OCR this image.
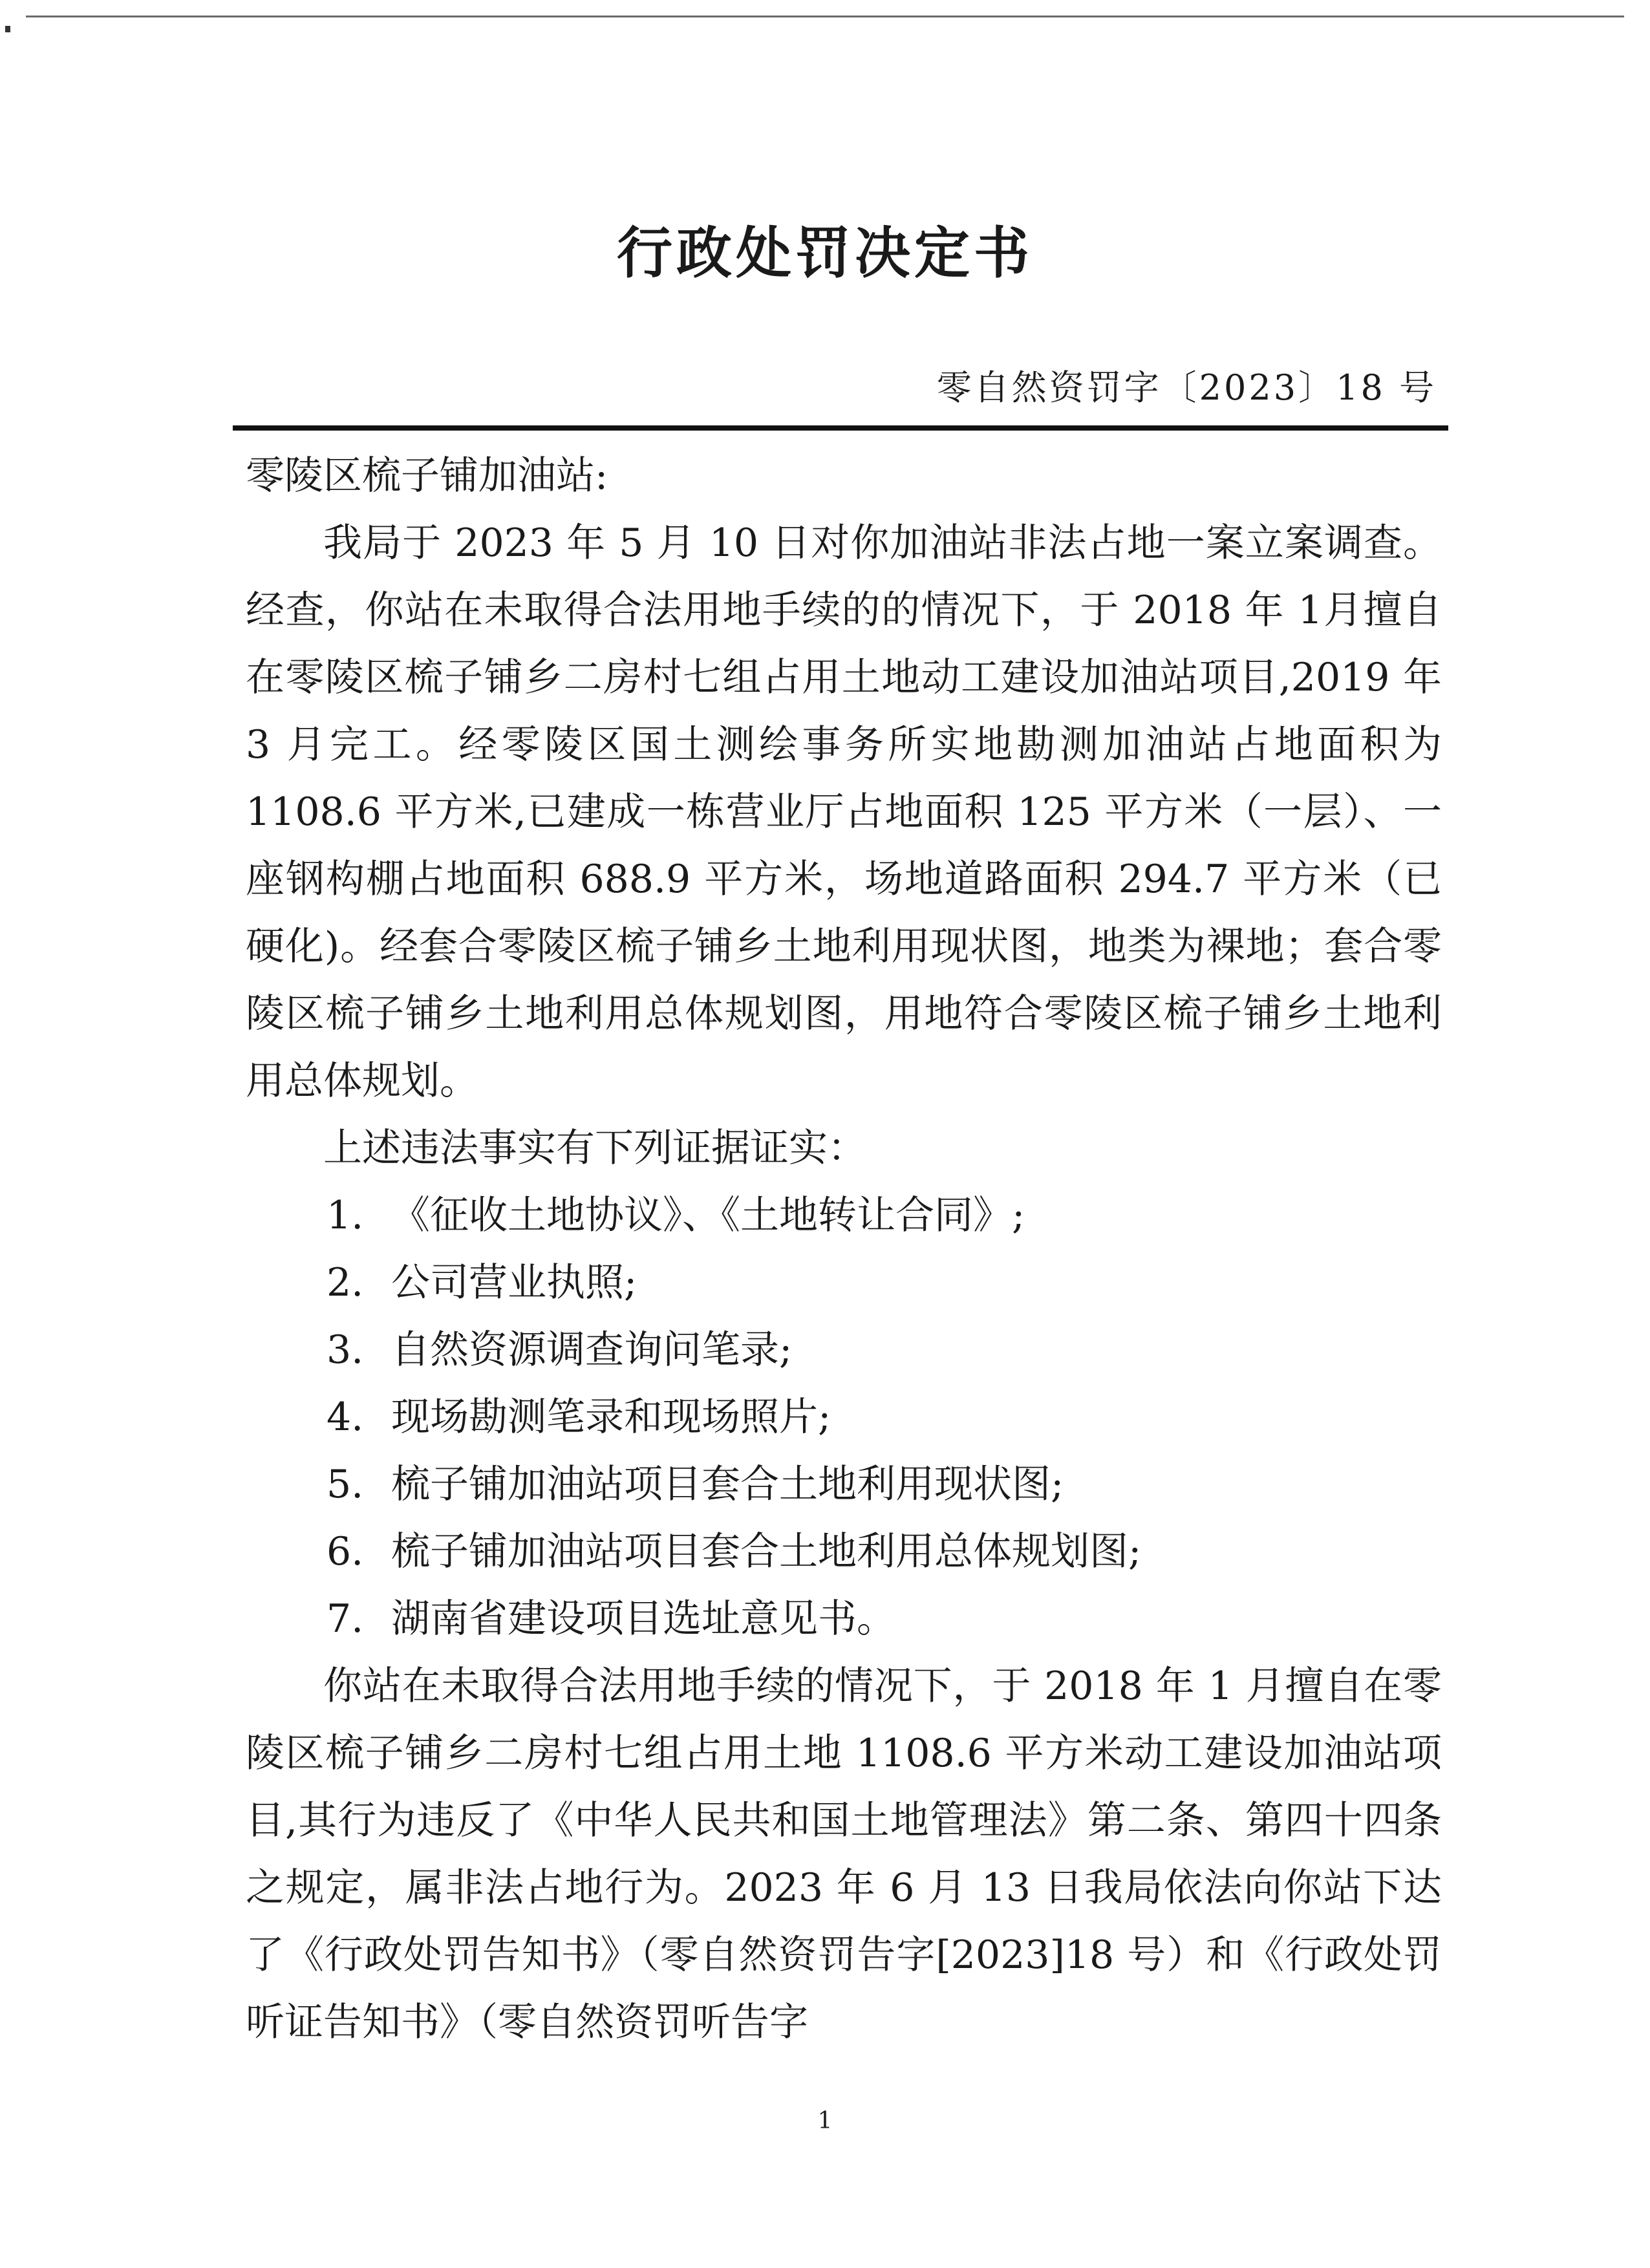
行政处罚决定书
零自然资罚字〔2023〕18 号

零陵区梳子铺加油站:

我局于 2023 年 5 月 10 日对你加油站非法占地一案立案调查。经查，你站在未取得合法用地手续的的情况下，于 2018 年 1月擅自在零陵区梳子铺乡二房村七组占用土地动工建设加油站项目,2019 年 3 月完工。经零陵区国土测绘事务所实地勘测加油站占地面积为 1108.6 平方米,已建成一栋营业厅占地面积 125 平方米（一层）、一座钢构棚占地面积 688.9 平方米，场地道路面积 294.7 平方米（已硬化)。经套合零陵区梳子铺乡土地利用现状图，地类为裸地；套合零陵区梳子铺乡土地利用总体规划图，用地符合零陵区梳子铺乡土地利用总体规划。

上述违法事实有下列证据证实：

1. 《征收土地协议》、《土地转让合同》;
2. 公司营业执照;
3. 自然资源调查询问笔录;
4. 现场勘测笔录和现场照片;
5. 梳子铺加油站项目套合土地利用现状图;
6. 梳子铺加油站项目套合土地利用总体规划图;
7. 湖南省建设项目选址意见书。

你站在未取得合法用地手续的情况下，于 2018 年 1 月擅自在零陵区梳子铺乡二房村七组占用土地 1108.6 平方米动工建设加油站项目,其行为违反了《中华人民共和国土地管理法》第二条、第四十四条之规定，属非法占地行为。2023 年 6 月 13 日我局依法向你站下达了《行政处罚告知书》（零自然资罚告字[2023]18 号）和《行政处罚听证告知书》（零自然资罚听告字

1
